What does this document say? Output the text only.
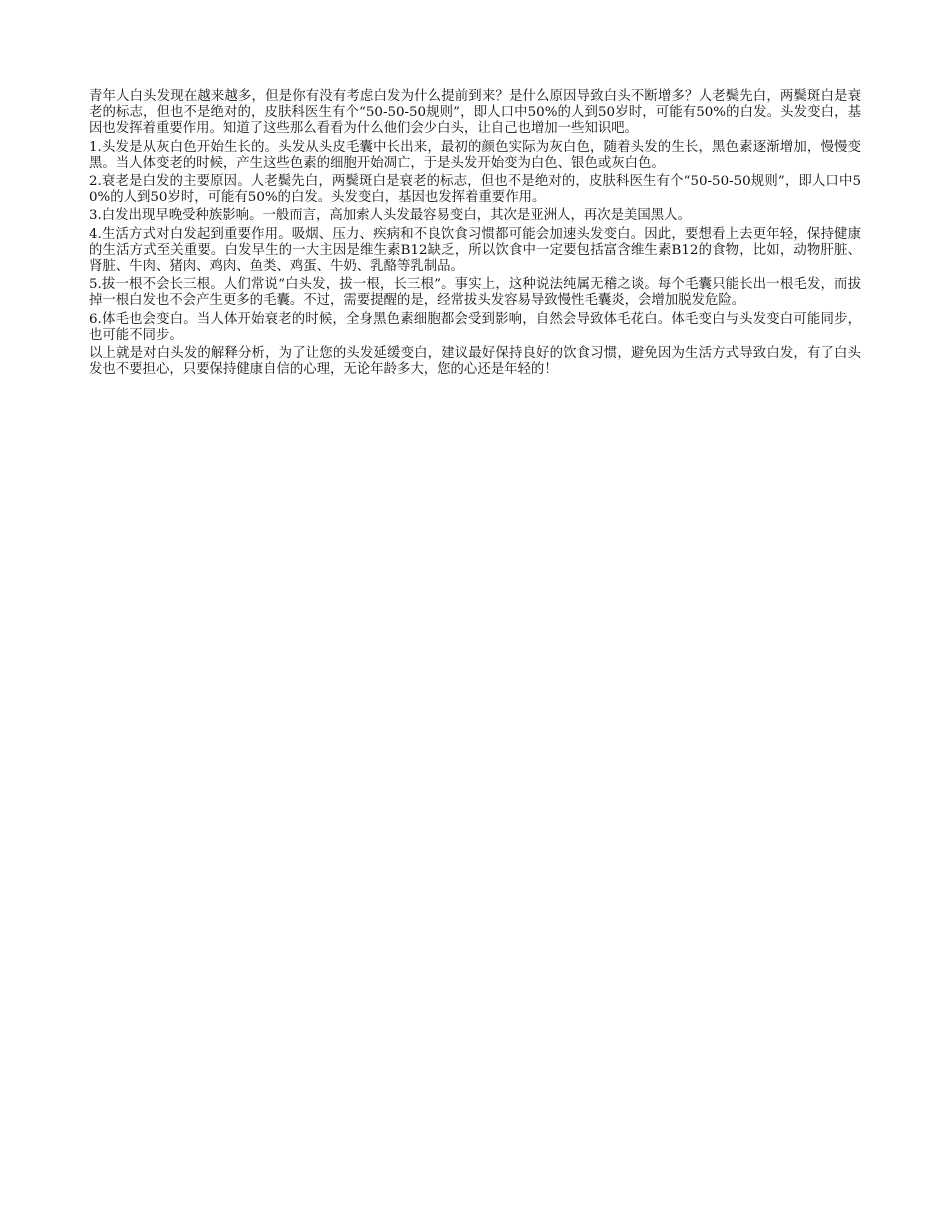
青年人白头发现在越来越多，但是你有没有考虑白发为什么提前到来？是什么原因导致白头不断增多？人老鬓先白，两鬓斑白是衰老的标志，但也不是绝对的，皮肤科医生有个“50-50-50规则”，即人口中50%的人到50岁时，可能有50%的白发。头发变白，基因也发挥着重要作用。知道了这些那么看看为什么他们会少白头，让自己也增加一些知识吧。

1.头发是从灰白色开始生长的。头发从头皮毛囊中长出来，最初的颜色实际为灰白色，随着头发的生长，黑色素逐渐增加，慢慢变黑。当人体变老的时候，产生这些色素的细胞开始凋亡，于是头发开始变为白色、银色或灰白色。

2.衰老是白发的主要原因。人老鬓先白，两鬓斑白是衰老的标志，但也不是绝对的，皮肤科医生有个“50-50-50规则”，即人口中50%的人到50岁时，可能有50%的白发。头发变白，基因也发挥着重要作用。

3.白发出现早晚受种族影响。一般而言，高加索人头发最容易变白，其次是亚洲人，再次是美国黑人。

4.生活方式对白发起到重要作用。吸烟、压力、疾病和不良饮食习惯都可能会加速头发变白。因此，要想看上去更年轻，保持健康的生活方式至关重要。白发早生的一大主因是维生素B12缺乏，所以饮食中一定要包括富含维生素B12的食物，比如，动物肝脏、肾脏、牛肉、猪肉、鸡肉、鱼类、鸡蛋、牛奶、乳酪等乳制品。

5.拔一根不会长三根。人们常说“白头发，拔一根，长三根”。事实上，这种说法纯属无稽之谈。每个毛囊只能长出一根毛发，而拔掉一根白发也不会产生更多的毛囊。不过，需要提醒的是，经常拔头发容易导致慢性毛囊炎，会增加脱发危险。

6.体毛也会变白。当人体开始衰老的时候，全身黑色素细胞都会受到影响，自然会导致体毛花白。体毛变白与头发变白可能同步，也可能不同步。

以上就是对白头发的解释分析，为了让您的头发延缓变白，建议最好保持良好的饮食习惯，避免因为生活方式导致白发，有了白头发也不要担心，只要保持健康自信的心理，无论年龄多大，您的心还是年轻的！
